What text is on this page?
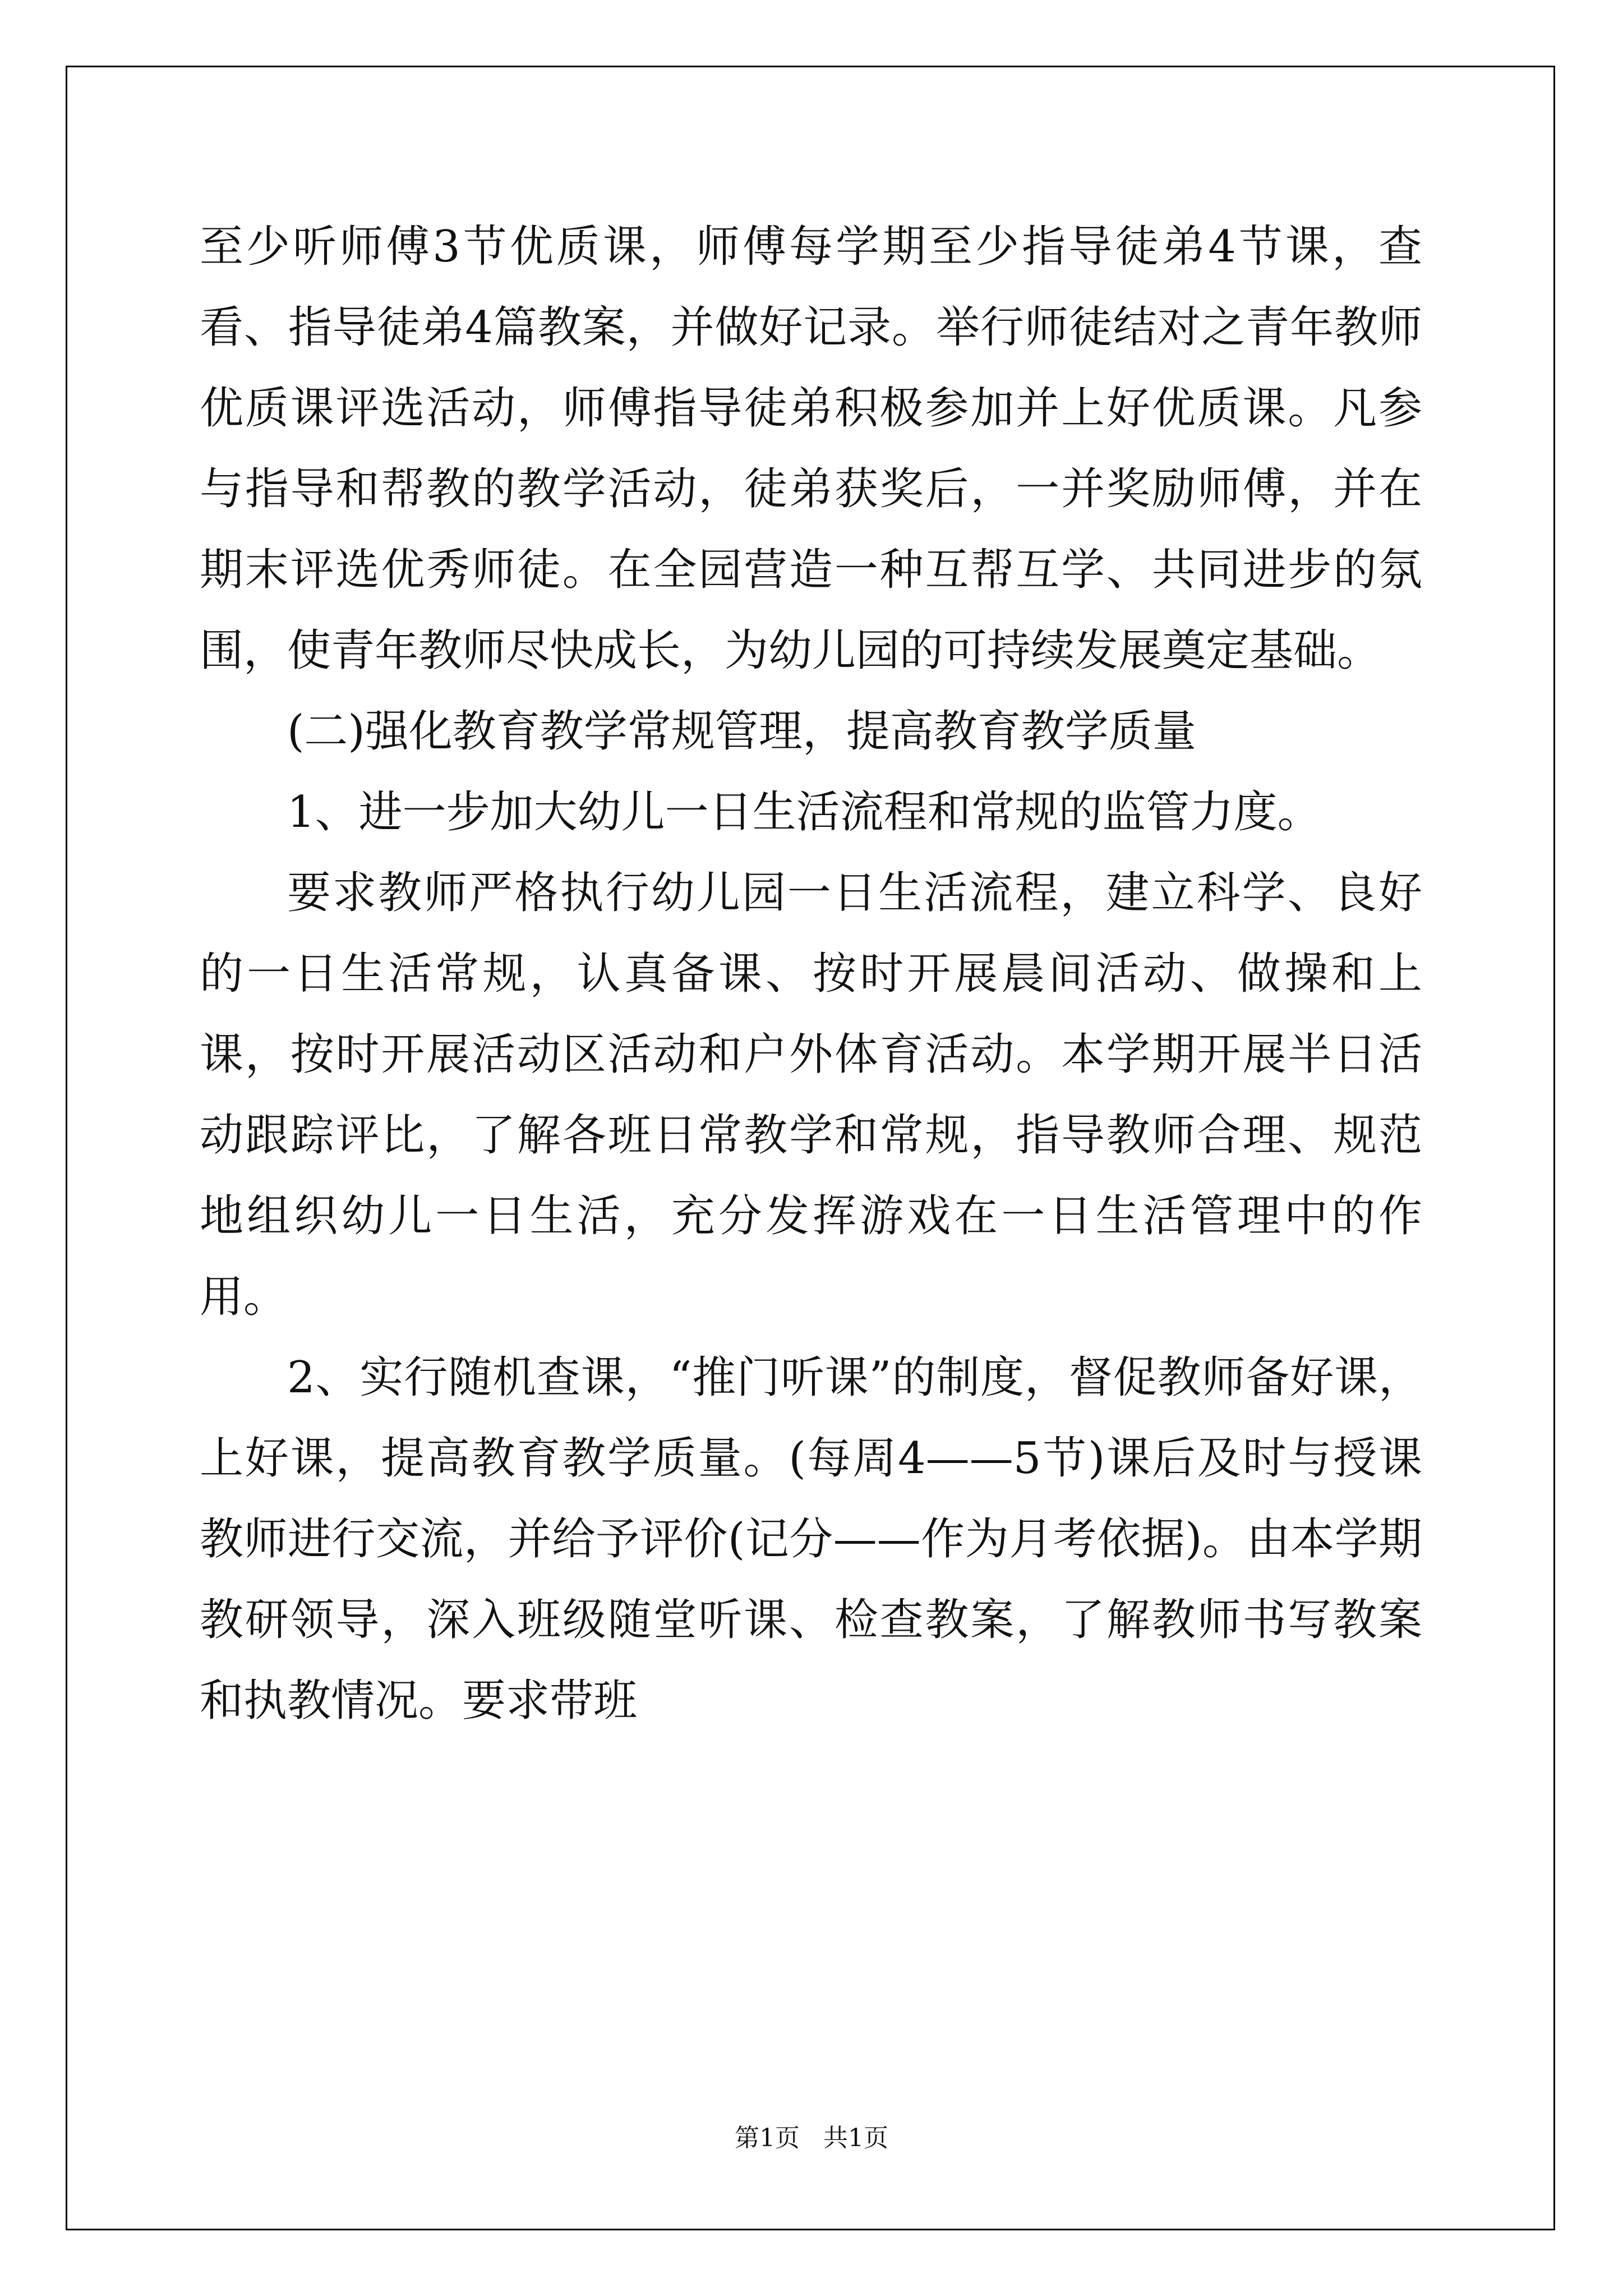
至少听师傅3节优质课，师傅每学期至少指导徒弟4节课，查看、指导徒弟4篇教案，并做好记录。举行师徒结对之青年教师优质课评选活动，师傅指导徒弟积极参加并上好优质课。凡参与指导和帮教的教学活动，徒弟获奖后，一并奖励师傅，并在期末评选优秀师徒。在全园营造一种互帮互学、共同进步的氛围，使青年教师尽快成长，为幼儿园的可持续发展奠定基础。

(二)强化教育教学常规管理，提高教育教学质量

1、进一步加大幼儿一日生活流程和常规的监管力度。

要求教师严格执行幼儿园一日生活流程，建立科学、良好的一日生活常规，认真备课、按时开展晨间活动、做操和上课，按时开展活动区活动和户外体育活动。本学期开展半日活动跟踪评比，了解各班日常教学和常规，指导教师合理、规范地组织幼儿一日生活，充分发挥游戏在一日生活管理中的作用。

2、实行随机查课，“推门听课”的制度，督促教师备好课，上好课，提高教育教学质量。(每周4——5节)课后及时与授课教师进行交流，并给予评价(记分——作为月考依据)。由本学期教研领导，深入班级随堂听课、检查教案，了解教师书写教案和执教情况。要求带班

第1页 共1页
